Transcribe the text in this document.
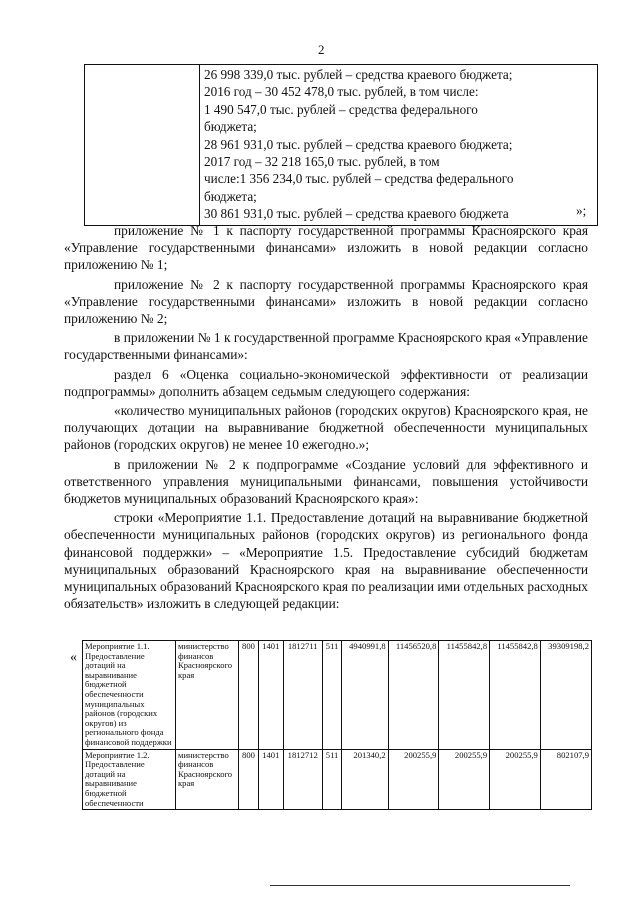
2

26 998 339,0 тыс. рублей – средства краевого бюджета;
2016 год – 30 452 478,0 тыс. рублей, в том числе:
1 490 547,0 тыс. рублей – средства федерального
бюджета;
28 961 931,0 тыс. рублей – средства краевого бюджета;
2017 год – 32 218 165,0 тыс. рублей, в том
числе:1 356 234,0 тыс. рублей – средства федерального
бюджета;
30 861 931,0 тыс. рублей – средства краевого бюджета	»;

приложение № 1 к паспорту государственной программы Красноярского края «Управление государственными финансами» изложить в новой редакции согласно приложению № 1;

приложение № 2 к паспорту государственной программы Красноярского края «Управление государственными финансами» изложить в новой редакции согласно приложению № 2;

в приложении № 1 к государственной программе Красноярского края «Управление государственными финансами»:

раздел 6 «Оценка социально-экономической эффективности от реализации подпрограммы» дополнить абзацем седьмым следующего содержания:

«количество муниципальных районов (городских округов) Красноярского края, не получающих дотации на выравнивание бюджетной обеспеченности муниципальных районов (городских округов) не менее 10 ежегодно.»;

в приложении № 2 к подпрограмме «Создание условий для эффективного и ответственного управления муниципальными финансами, повышения устойчивости бюджетов муниципальных образований Красноярского края»:

строки «Мероприятие 1.1. Предоставление дотаций на выравнивание бюджетной обеспеченности муниципальных районов (городских округов) из регионального фонда финансовой поддержки» – «Мероприятие 1.5. Предоставление субсидий бюджетам муниципальных образований Красноярского края на выравнивание обеспеченности муниципальных образований Красноярского края по реализации ими отдельных расходных обязательств» изложить в следующей редакции:

«
Мероприятие 1.1. Предоставление дотаций на выравнивание бюджетной обеспеченности муниципальных районов (городских округов) из регионального фонда финансовой поддержки	министерство финансов Красноярского края	800	1401	1812711	511	4940991,8	11456520,8	11455842,8	11455842,8	39309198,2
Мероприятие 1.2. Предоставление дотаций на выравнивание бюджетной обеспеченности	министерство финансов Красноярского края	800	1401	1812712	511	201340,2	200255,9	200255,9	200255,9	802107,9
